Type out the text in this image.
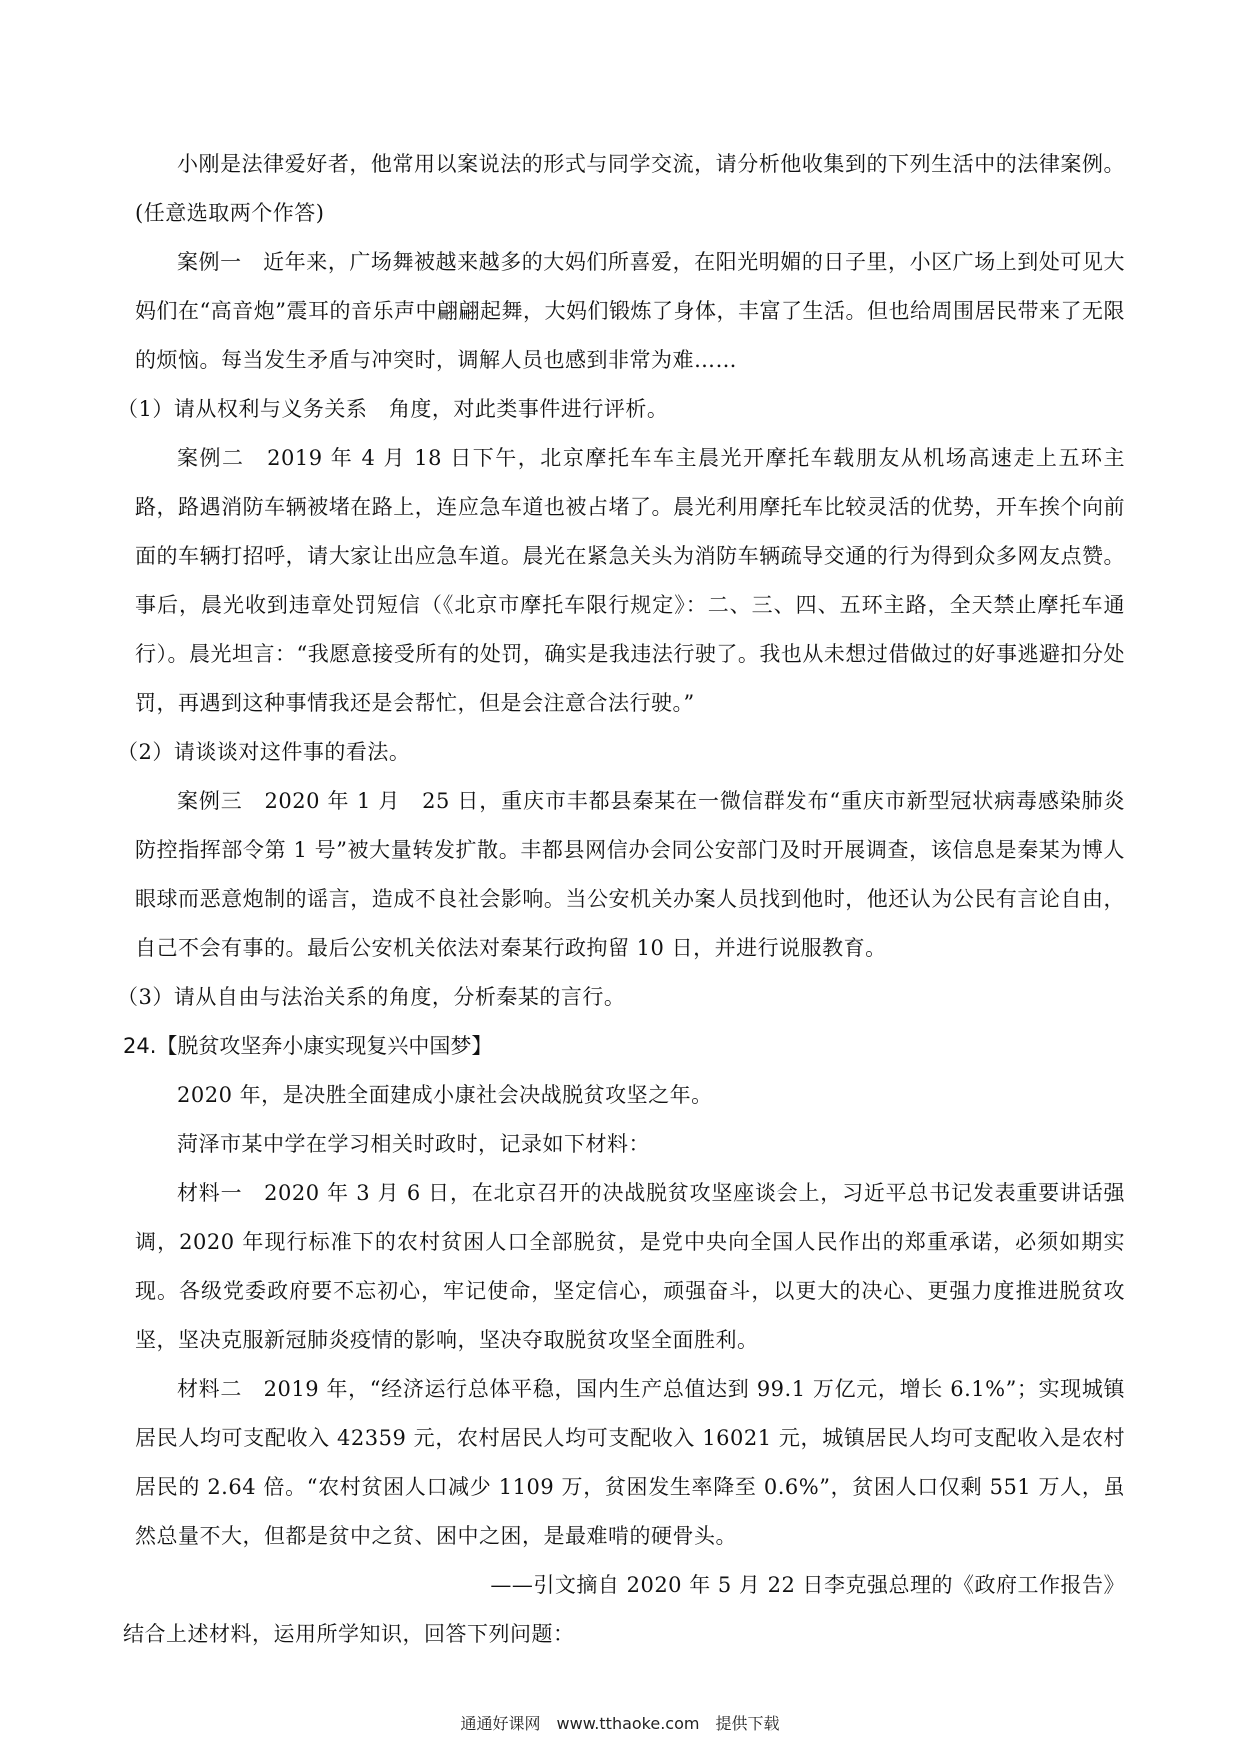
小刚是法律爱好者，他常用以案说法的形式与同学交流，请分析他收集到的下列生活中的法律案例。(任意选取两个作答)

案例一　近年来，广场舞被越来越多的大妈们所喜爱，在阳光明媚的日子里，小区广场上到处可见大妈们在“高音炮”震耳的音乐声中翩翩起舞，大妈们锻炼了身体，丰富了生活。但也给周围居民带来了无限的烦恼。每当发生矛盾与冲突时，调解人员也感到非常为难……

（1）请从权利与义务关系　角度，对此类事件进行评析。

案例二　2019 年 4 月 18 日下午，北京摩托车车主晨光开摩托车载朋友从机场高速走上五环主路，路遇消防车辆被堵在路上，连应急车道也被占堵了。晨光利用摩托车比较灵活的优势，开车挨个向前面的车辆打招呼，请大家让出应急车道。晨光在紧急关头为消防车辆疏导交通的行为得到众多网友点赞。事后，晨光收到违章处罚短信（《北京市摩托车限行规定》：二、三、四、五环主路，全天禁止摩托车通行）。晨光坦言：“我愿意接受所有的处罚，确实是我违法行驶了。我也从未想过借做过的好事逃避扣分处罚，再遇到这种事情我还是会帮忙，但是会注意合法行驶。”

（2）请谈谈对这件事的看法。

案例三　2020 年 1 月　25 日，重庆市丰都县秦某在一微信群发布“重庆市新型冠状病毒感染肺炎防控指挥部令第 1 号”被大量转发扩散。丰都县网信办会同公安部门及时开展调查，该信息是秦某为博人眼球而恶意炮制的谣言，造成不良社会影响。当公安机关办案人员找到他时，他还认为公民有言论自由，自己不会有事的。最后公安机关依法对秦某行政拘留 10 日，并进行说服教育。

（3）请从自由与法治关系的角度，分析秦某的言行。

24.【脱贫攻坚奔小康实现复兴中国梦】

2020 年，是决胜全面建成小康社会决战脱贫攻坚之年。

菏泽市某中学在学习相关时政时，记录如下材料：

材料一　2020 年 3 月 6 日，在北京召开的决战脱贫攻坚座谈会上，习近平总书记发表重要讲话强调，2020 年现行标准下的农村贫困人口全部脱贫，是党中央向全国人民作出的郑重承诺，必须如期实现。各级党委政府要不忘初心，牢记使命，坚定信心，顽强奋斗，以更大的决心、更强力度推进脱贫攻坚，坚决克服新冠肺炎疫情的影响，坚决夺取脱贫攻坚全面胜利。

材料二　2019 年，“经济运行总体平稳，国内生产总值达到 99.1 万亿元，增长 6.1%”；实现城镇居民人均可支配收入 42359 元，农村居民人均可支配收入 16021 元，城镇居民人均可支配收入是农村居民的 2.64 倍。“农村贫困人口减少 1109 万，贫困发生率降至 0.6%”，贫困人口仅剩 551 万人，虽然总量不大，但都是贫中之贫、困中之困，是最难啃的硬骨头。

——引文摘自 2020 年 5 月 22 日李克强总理的《政府工作报告》

结合上述材料，运用所学知识，回答下列问题：

通通好课网　www.tthaoke.com　提供下载
